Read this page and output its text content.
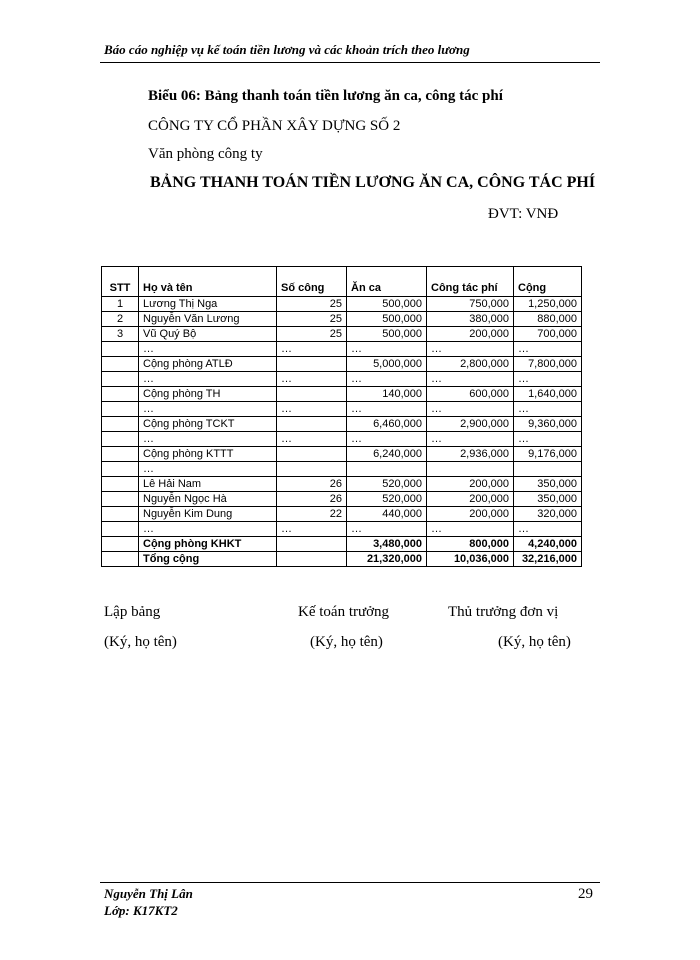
Báo cáo nghiệp vụ kế toán tiền lương và các khoản trích theo lương
Biểu 06: Bảng thanh toán tiền lương ăn ca, công tác phí
CÔNG TY CỔ PHẦN XÂY DỰNG SỐ 2
Văn phòng công ty
BẢNG THANH TOÁN TIỀN LƯƠNG ĂN CA, CÔNG TÁC PHÍ
ĐVT: VNĐ
STT	Họ và tên	Số công	Ăn ca	Công tác phí	Cộng
1	Lương Thị Nga	25	500,000	750,000	1,250,000
2	Nguyễn Văn Lương	25	500,000	380,000	880,000
3	Vũ Quý Bộ	25	500,000	200,000	700,000
	…	…	…	…	…
	Cộng phòng ATLĐ		5,000,000	2,800,000	7,800,000
	…	…	…	…	…
	Cộng phòng TH		140,000	600,000	1,640,000
	…	…	…	…	…
	Cộng phòng TCKT		6,460,000	2,900,000	9,360,000
	…	…	…	…	…
	Cộng phòng KTTT		6,240,000	2,936,000	9,176,000
	…				
	Lê Hải Nam	26	520,000	200,000	350,000
	Nguyễn Ngọc Hà	26	520,000	200,000	350,000
	Nguyễn Kim Dung	22	440,000	200,000	320,000
	…	…	…	…	…
	Cộng phòng KHKT		3,480,000	800,000	4,240,000
	Tổng cộng		21,320,000	10,036,000	32,216,000
Lập bảng	Kế toán trưởng	Thủ trưởng đơn vị
(Ký, họ tên)	(Ký, họ tên)	(Ký, họ tên)
Nguyễn Thị Lân
Lớp: K17KT2
29
